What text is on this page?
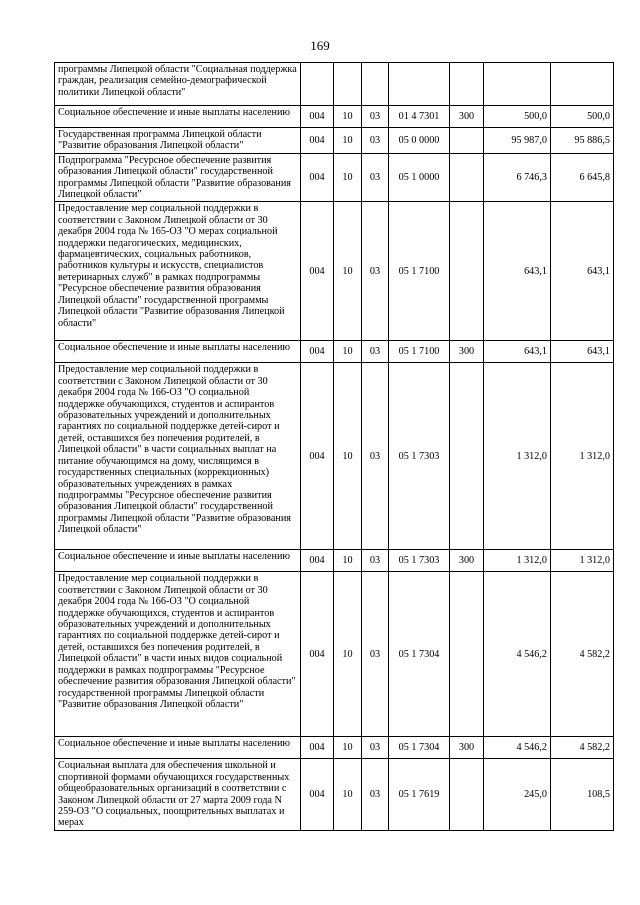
169
программы Липецкой области "Социальная поддержка граждан, реализация семейно-демографической политики Липецкой области"							
Социальное обеспечение и иные выплаты населению	004	10	03	01 4 7301	300	500,0	500,0
Государственная программа Липецкой области "Развитие образования Липецкой области"	004	10	03	05 0 0000		95 987,0	95 886,5
Подпрограмма "Ресурсное обеспечение развития образования Липецкой области" государственной программы Липецкой области "Развитие образования Липецкой области"	004	10	03	05 1 0000		6 746,3	6 645,8
Предоставление мер социальной поддержки в соответствии с Законом Липецкой области от 30 декабря 2004 года № 165-ОЗ "О мерах социальной поддержки педагогических, медицинских, фармацевтических, социальных работников, работников культуры и искусств, специалистов ветеринарных служб" в рамках подпрограммы "Ресурсное обеспечение развития образования Липецкой области" государственной программы Липецкой области "Развитие образования Липецкой области"	004	10	03	05 1 7100		643,1	643,1
Социальное обеспечение и иные выплаты населению	004	10	03	05 1 7100	300	643,1	643,1
Предоставление мер социальной поддержки в соответствии с Законом Липецкой области от 30 декабря 2004 года № 166-ОЗ "О социальной поддержке обучающихся, студентов и аспирантов образовательных учреждений и дополнительных гарантиях по социальной поддержке детей-сирот и детей, оставшихся без попечения родителей, в Липецкой области" в части социальных выплат на питание обучающимся на дому, числящимся в государственных специальных (коррекционных) образовательных учреждениях в рамках подпрограммы "Ресурсное обеспечение развития образования Липецкой области" государственной программы Липецкой области "Развитие образования Липецкой области"	004	10	03	05 1 7303		1 312,0	1 312,0
Социальное обеспечение и иные выплаты населению	004	10	03	05 1 7303	300	1 312,0	1 312,0
Предоставление мер социальной поддержки в соответствии с Законом Липецкой области от 30 декабря 2004 года № 166-ОЗ "О социальной поддержке обучающихся, студентов и аспирантов образовательных учреждений и дополнительных гарантиях по социальной поддержке детей-сирот и детей, оставшихся без попечения родителей, в Липецкой области" в части иных видов социальной поддержки в рамках подпрограммы "Ресурсное обеспечение развития образования Липецкой области" государственной программы Липецкой области "Развитие образования Липецкой области"	004	10	03	05 1 7304		4 546,2	4 582,2
Социальное обеспечение и иные выплаты населению	004	10	03	05 1 7304	300	4 546,2	4 582,2
Социальная выплата для обеспечения школьной и спортивной формами обучающихся государственных общеобразовательных организаций в соответствии с Законом Липецкой области от 27 марта 2009 года N 259-ОЗ "О социальных, поощрительных выплатах и мерах	004	10	03	05 1 7619		245,0	108,5
